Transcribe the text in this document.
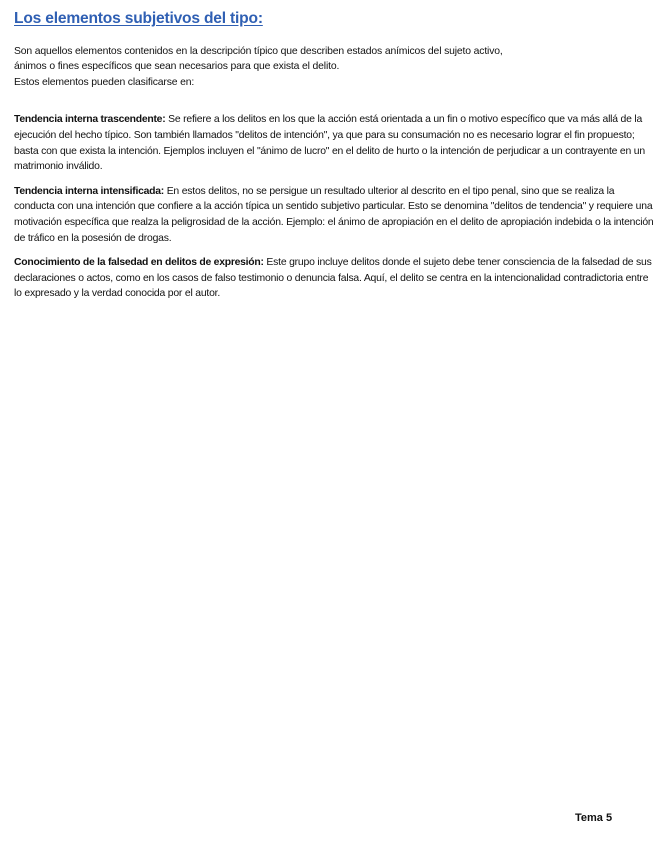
Los elementos subjetivos del tipo:

Son aquellos elementos contenidos en la descripción típico que describen estados anímicos del sujeto activo,
ánimos o fines específicos que sean necesarios para que exista el delito.
Estos elementos pueden clasificarse en:

Tendencia interna trascendente: Se refiere a los delitos en los que la acción está orientada a un fin o motivo específico que va más allá de la ejecución del hecho típico. Son también llamados "delitos de intención", ya que para su consumación no es necesario lograr el fin propuesto; basta con que exista la intención. Ejemplos incluyen el "ánimo de lucro" en el delito de hurto o la intención de perjudicar a un contrayente en un matrimonio inválido.

Tendencia interna intensificada: En estos delitos, no se persigue un resultado ulterior al descrito en el tipo penal, sino que se realiza la conducta con una intención que confiere a la acción típica un sentido subjetivo particular. Esto se denomina "delitos de tendencia" y requiere una motivación específica que realza la peligrosidad de la acción. Ejemplo: el ánimo de apropiación en el delito de apropiación indebida o la intención de tráfico en la posesión de drogas.

Conocimiento de la falsedad en delitos de expresión: Este grupo incluye delitos donde el sujeto debe tener consciencia de la falsedad de sus declaraciones o actos, como en los casos de falso testimonio o denuncia falsa. Aquí, el delito se centra en la intencionalidad contradictoria entre lo expresado y la verdad conocida por el autor.

Tema 5
